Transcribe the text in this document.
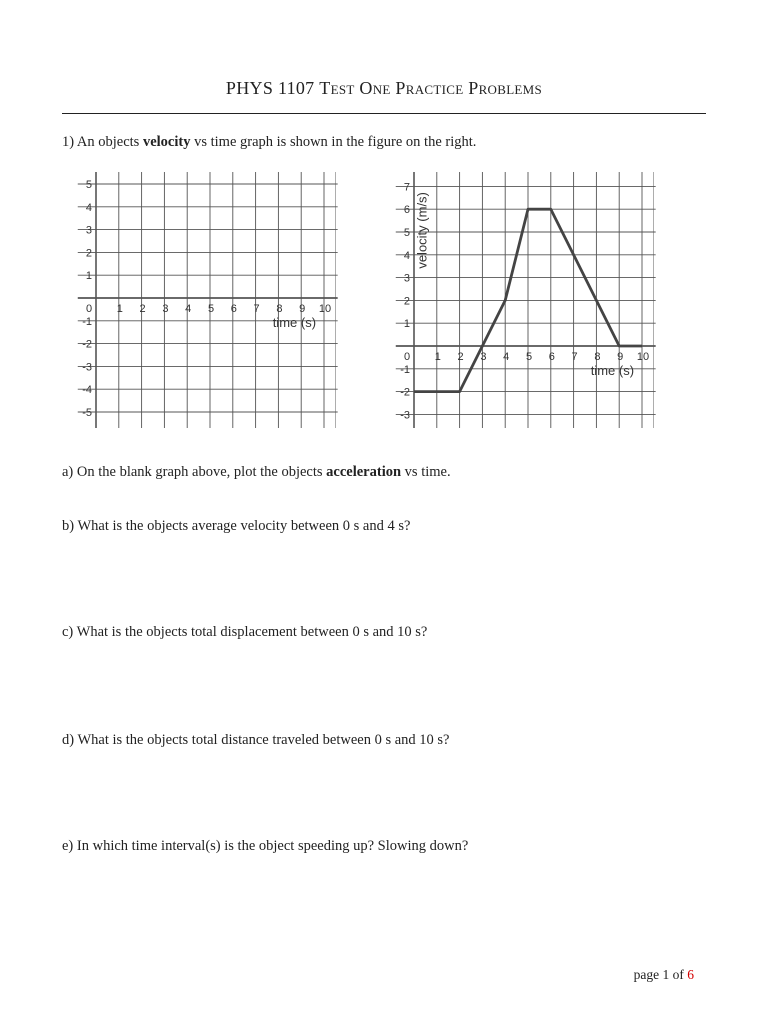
PHYS 1107 Test One Practice Problems
1) An objects velocity vs time graph is shown in the figure on the right.
0 1 2 3 4 5 6 7 8 9 10
5
4
3
2
1
-1
-2
-3
-4
-5
time (s)
0 1 2 3 4 5 6 7 8 9 10
7
6
5
4
3
2
1
-1
-2
-3
time (s)
velocity (m/s)
a) On the blank graph above, plot the objects acceleration vs time.
b) What is the objects average velocity between 0 s and 4 s?
c) What is the objects total displacement between 0 s and 10 s?
d) What is the objects total distance traveled between 0 s and 10 s?
e) In which time interval(s) is the object speeding up? Slowing down?
page 1 of 6
